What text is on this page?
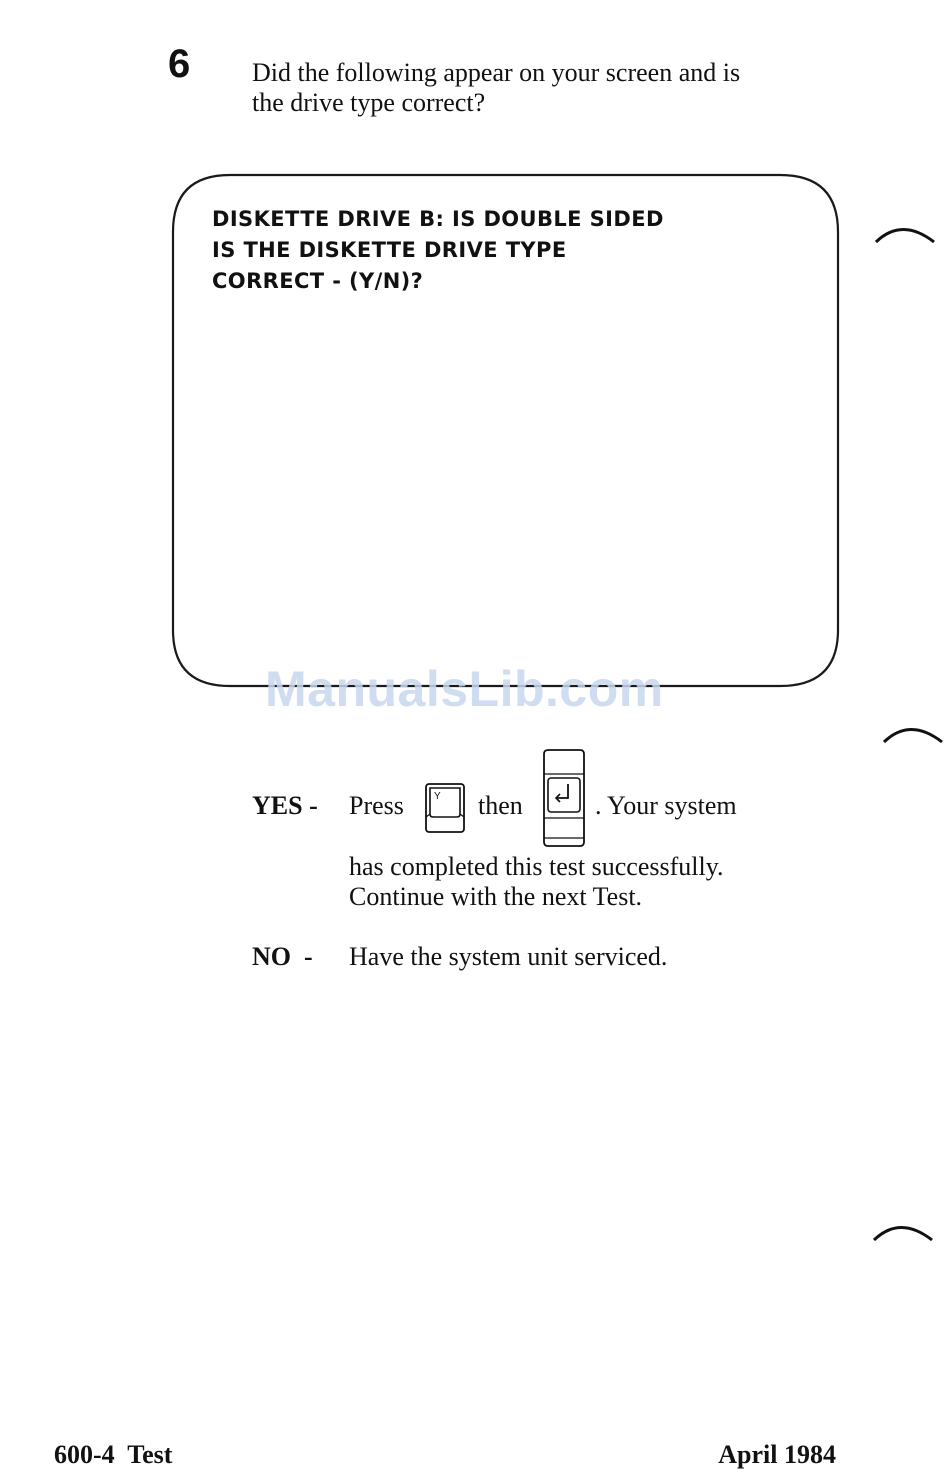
6 Did the following appear on your screen and is
the drive type correct?
DISKETTE DRIVE B: IS DOUBLE SIDED
IS THE DISKETTE DRIVE TYPE
CORRECT - (Y/N)?
ManualsLib.com
YES - Press	Y then	. Your system
has completed this test successfully.
Continue with the next Test.
NO  - Have the system unit serviced.
600-4  Test	April 1984
